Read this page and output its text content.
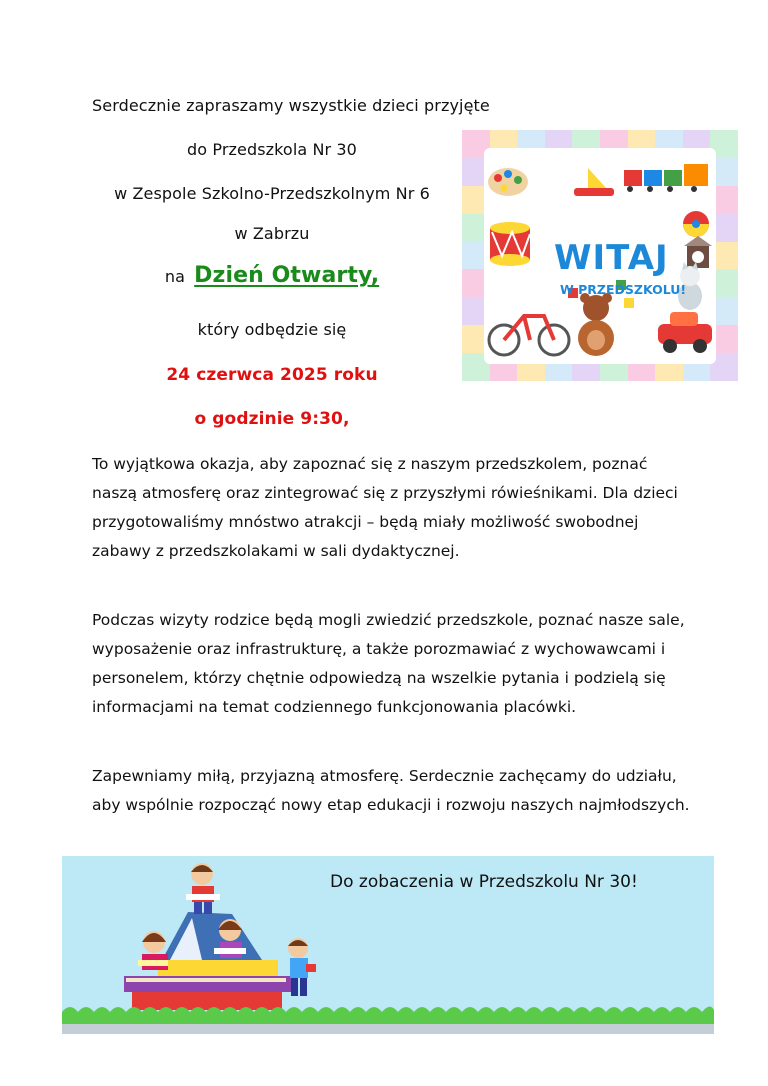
Serdecznie zapraszamy wszystkie dzieci przyjęte
do Przedszkola Nr 30
w Zespole Szkolno-Przedszkolnym Nr 6
w Zabrzu
na Dzień Otwarty,
który odbędzie się
24 czerwca 2025 roku
o godzinie 9:30,
WITAJ
W PRZEDSZKOLU!
To wyjątkowa okazja, aby zapoznać się z naszym przedszkolem, poznać naszą atmosferę oraz zintegrować się z przyszłymi rówieśnikami. Dla dzieci przygotowaliśmy mnóstwo atrakcji – będą miały możliwość swobodnej zabawy z przedszkolakami w sali dydaktycznej.
Podczas wizyty rodzice będą mogli zwiedzić przedszkole, poznać nasze sale, wyposażenie oraz infrastrukturę, a także porozmawiać z wychowawcami i personelem, którzy chętnie odpowiedzą na wszelkie pytania i podzielą się informacjami na temat codziennego funkcjonowania placówki.
Zapewniamy miłą, przyjazną atmosferę. Serdecznie zachęcamy do udziału, aby wspólnie rozpocząć nowy etap edukacji i rozwoju naszych najmłodszych.
Do zobaczenia w Przedszkolu Nr 30!
